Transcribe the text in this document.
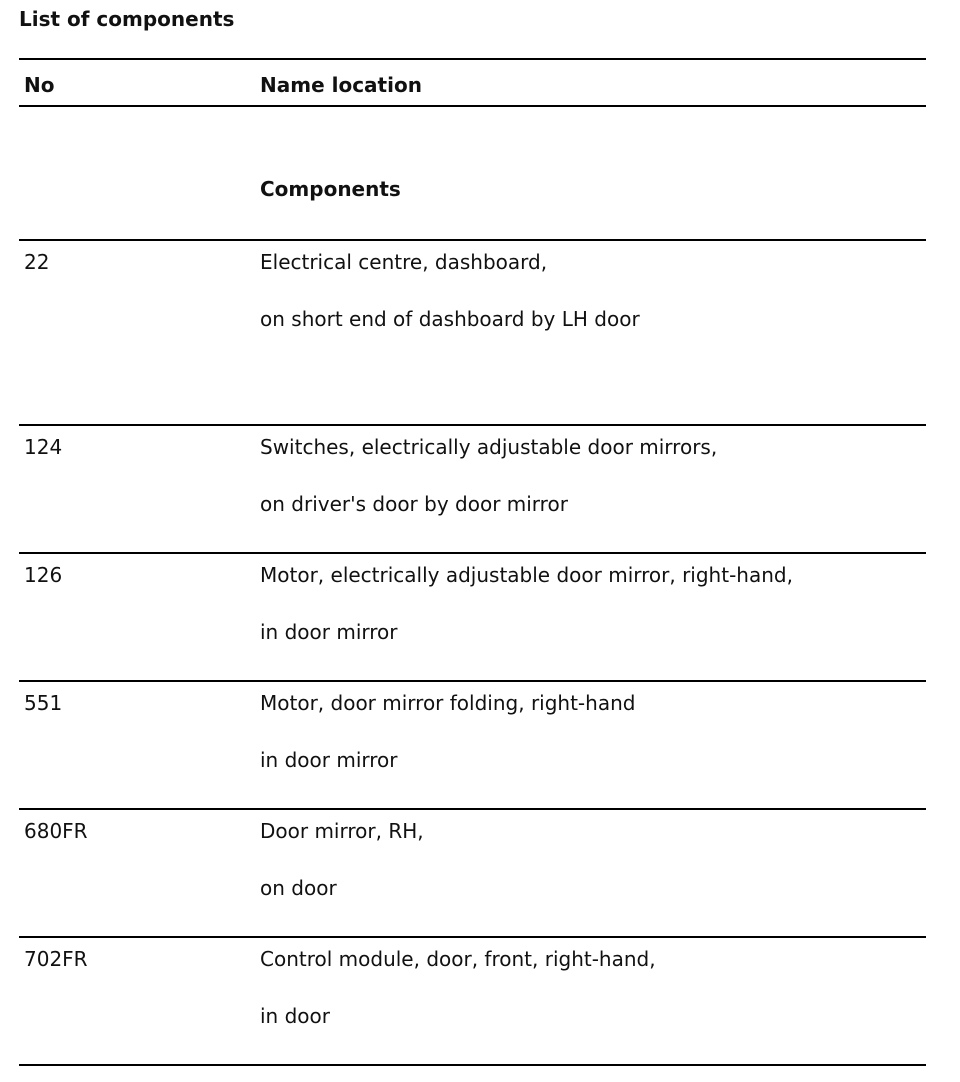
List of components
No	Name location
Components
22	Electrical centre, dashboard,
on short end of dashboard by LH door
124	Switches, electrically adjustable door mirrors,
on driver's door by door mirror
126	Motor, electrically adjustable door mirror, right-hand,
in door mirror
551	Motor, door mirror folding, right-hand
in door mirror
680FR	Door mirror, RH,
on door
702FR	Control module, door, front, right-hand,
in door
